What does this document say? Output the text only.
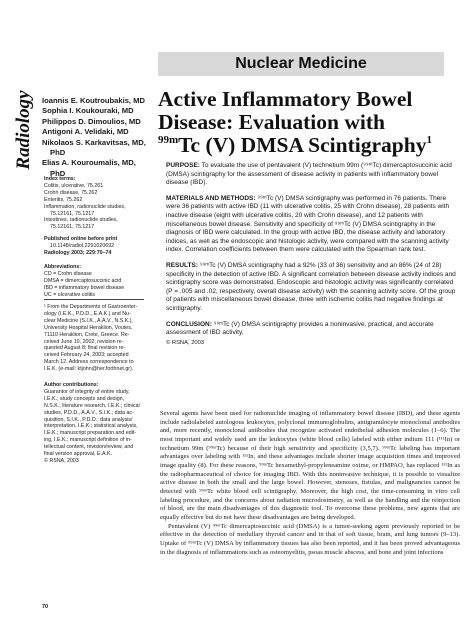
Nuclear Medicine
Radiology Ioannis E. Koutroubakis, MD
Sophia I. Koukouraki, MD
Philippos D. Dimoulios, MD
Antigoni A. Velidaki, MD
Nikolaos S. Karkavitsas, MD, PhD
Elias A. Kouroumalis, MD, PhD
Index terms:
Colitis, ulcerative, 75.261
Crohn disease, 75.262
Enteritis, 75.262
Inflammation, radionuclide studies,
75.12161, 75.1217
Intestines, radionuclide studies,
75.12161, 75.1217
Published online before print
10.1148/radiol.2291020692
Radiology 2003; 229:70–74
Abbreviations:
CD = Crohn disease
DMSA = dimercaptosuccinic acid
IBD = inflammatory bowel disease
UC = ulcerative colitis
¹ From the Departments of Gastroenter-
ology (I.E.K., P.D.D., E.A.K.) and Nu-
clear Medicine (S.I.K., A.A.V., N.S.K.),
University Hospital Heraklion, Voutes,
71110 Heraklion, Crete, Greece. Re-
ceived June 10, 2002; revision re-
quested August 8; final revision re-
ceived February 24, 2003; accepted
March 12. Address correspondence to
I.E.K. (e-mail: ktjohn@her.forthnet.gr).
Author contributions:
Guarantor of integrity of entire study,
I.E.K.; study concepts and design,
N.S.K.; literature research, I.E.K.; clinical
studies, P.D.D., A.A.V., S.I.K.; data ac-
quisition, S.I.K., P.D.D.; data analysis/
interpretation, I.E.K.; statistical analysis,
I.E.K.; manuscript preparation and edit-
ing, I.E.K.; manuscript definition of in-
tellectual content, revision/review, and
final version approval, E.A.K.
© RSNA, 2003
Active Inflammatory Bowel
Disease: Evaluation with
$^{99m}$Tc (V) DMSA Scintigraphy$^1$

PURPOSE: To evaluate the use of pentavalent (V) technetium 99m (⁹⁹ᵐTc) dimercaptosuccinic acid (DMSA) scintigraphy for the assessment of disease activity in patients with inflammatory bowel disease (IBD).

MATERIALS AND METHODS: ⁹⁹ᵐTc (V) DMSA scintigraphy was performed in 76 patients. There were 36 patients with active IBD (11 with ulcerative colitis, 25 with Crohn disease), 28 patients with inactive disease (eight with ulcerative colitis, 20 with Crohn disease), and 12 patients with miscellaneous bowel disease. Sensitivity and specificity of ⁹⁹ᵐTc (V) DMSA scintigraphy in the diagnosis of IBD were calculated. In the group with active IBD, the disease activity and laboratory indices, as well as the endoscopic and histologic activity, were compared with the scanning activity index. Correlation coefficients between them were calculated with the Spearman rank test.

RESULTS: ⁹⁹ᵐTc (V) DMSA scintigraphy had a 92% (33 of 36) sensitivity and an 86% (24 of 28) specificity in the detection of active IBD. A significant correlation between disease activity indices and scintigraphy score was demonstrated. Endoscopic and histologic activity was significantly correlated (P = .005 and .02, respectively, overall disease activity) with the scanning activity score. Of the group of patients with miscellaneous bowel disease, three with ischemic colitis had negative findings at scintigraphy.

CONCLUSION: ⁹⁹ᵐTc (V) DMSA scintigraphy provides a noninvasive, practical, and accurate assessment of IBD activity.

© RSNA, 2003

Several agents have been used for radionuclide imaging of inflammatory bowel disease (IBD), and these agents include radiolabeled autologous leukocytes, polyclonal immunoglobulins, antigranulocyte monoclonal antibodies and, more recently, monoclonal antibodies that recognize activated endothelial adhesion molecules (1–6). The most important and widely used are the leukocytes (white blood cells) labeled with either indium 111 (¹¹¹In) or technetium 99m (⁹⁹ᵐTc) because of their high sensitivity and specificity (3,5,7). ⁹⁹ᵐTc labeling has important advantages over labeling with ¹¹¹In, and these advantages include shorter image acquisition times and improved image quality (8). For these reasons, ⁹⁹ᵐTc hexamethyl-propyleneamine oxime, or HMPAO, has replaced ¹¹¹In as the radiopharmaceutical of choice for imaging IBD. With this noninvasive technique, it is possible to visualize active disease in both the small and the large bowel. However, stenoses, fistulas, and malignancies cannot be detected with ⁹⁹ᵐTc white blood cell scintigraphy. Moreover, the high cost, the time-consuming in vitro cell labeling procedure, and the concerns about radiation microdosimetry, as well as the handling and the reinjection of blood, are the main disadvantages of this diagnostic tool. To overcome these problems, new agents that are equally effective but do not have these disadvantages are being developed.

Pentavalent (V) ⁹⁹ᵐTc dimercaptosuccinic acid (DMSA) is a tumor-seeking agent previously reported to be effective in the detection of medullary thyroid cancer and in that of soft tissue, brain, and lung tumors (9–13). Uptake of ⁹⁹ᵐTc (V) DMSA by inflammatory tissues has also been reported, and it has been proved advantageous in the diagnosis of inflammations such as osteomyelitis, psoas muscle abscess, and bone and joint infections

70
